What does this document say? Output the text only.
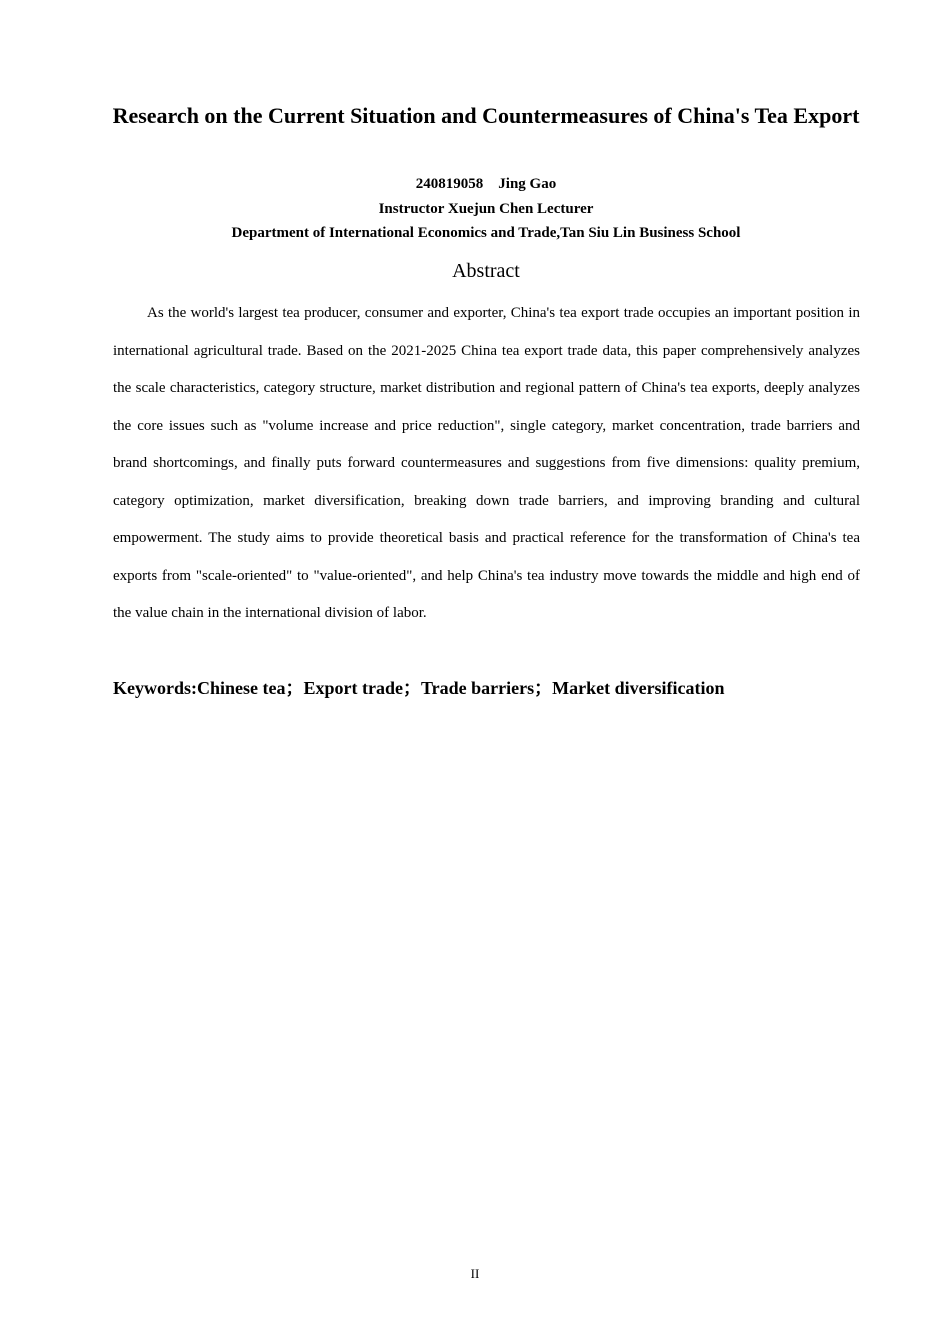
Research on the Current Situation and Countermeasures of China's Tea Export
240819058    Jing Gao
Instructor Xuejun Chen Lecturer
Department of International Economics and Trade,Tan Siu Lin Business School
Abstract

As the world's largest tea producer, consumer and exporter, China's tea export trade occupies an important position in international agricultural trade. Based on the 2021-2025 China tea export trade data, this paper comprehensively analyzes the scale characteristics, category structure, market distribution and regional pattern of China's tea exports, deeply analyzes the core issues such as "volume increase and price reduction", single category, market concentration, trade barriers and brand shortcomings, and finally puts forward countermeasures and suggestions from five dimensions: quality premium, category optimization, market diversification, breaking down trade barriers, and improving branding and cultural empowerment. The study aims to provide theoretical basis and practical reference for the transformation of China's tea exports from "scale-oriented" to "value-oriented", and help China's tea industry move towards the middle and high end of the value chain in the international division of labor.

Keywords:Chinese tea；Export trade；Trade barriers；Market diversification

II
